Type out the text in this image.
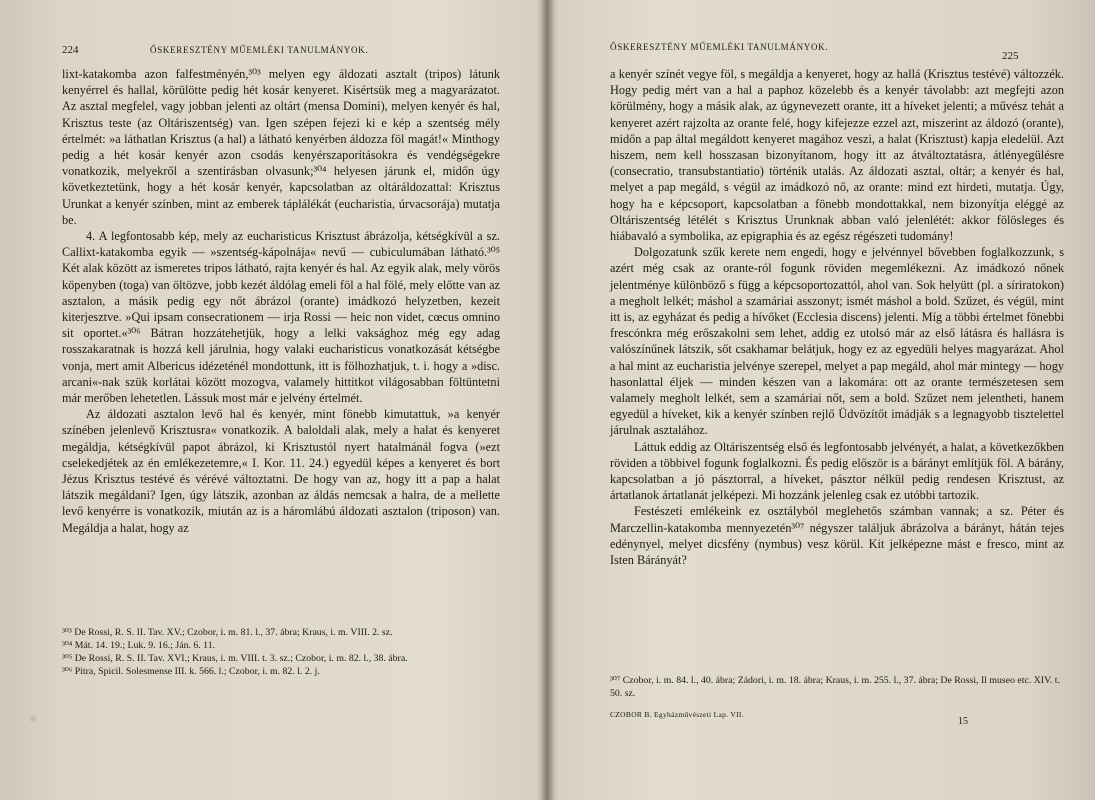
224	ŐSKERESZTÉNY MŰEMLÉKI TANULMÁNYOK.

lixt-katakomba azon falfestményén,³⁰³ melyen egy áldozati asztalt (tripos) látunk kenyérrel és hallal, körülötte pedig hét kosár kenyeret. Kisértsük meg a magyarázatot. Az asztal megfelel, vagy jobban jelenti az oltárt (mensa Domini), melyen kenyér és hal, Krisztus teste (az Oltáriszentség) van. Igen szépen fejezi ki e kép a szentség mély értelmét: »a láthatlan Krisztus (a hal) a látható kenyérben áldozza föl magát!« Minthogy pedig a hét kosár kenyér azon csodás kenyérszaporításokra és vendégségekre vonatkozik, melyekről a szentirásban olvasunk;³⁰⁴ helyesen járunk el, midőn úgy következtetünk, hogy a hét kosár kenyér, kapcsolatban az oltáráldozattal: Krisztus Urunkat a kenyér színben, mint az emberek táplálékát (eucharistia, úrvacsorája) mutatja be.

4. A legfontosabb kép, mely az eucharisticus Krisztust ábrázolja, kétségkívül a sz. Callixt-katakomba egyik — »szentség-kápolnája« nevű — cubiculumában látható.³⁰⁵ Két alak között az ismeretes tripos látható, rajta kenyér és hal. Az egyik alak, mely vörös köpenyben (toga) van öltözve, jobb kezét áldólag emeli föl a hal fölé, mely előtte van az asztalon, a másik pedig egy nőt ábrázol (orante) imádkozó helyzetben, kezeit kiterjesztve. »Qui ipsam consecrationem — irja Rossi — heic non videt, cœcus omnino sit oportet.«³⁰⁶ Bátran hozzátehetjük, hogy a lelki vaksághoz még egy adag rosszakaratnak is hozzá kell járulnia, hogy valaki eucharisticus vonatkozását kétségbe vonja, mert amit Albericus idézeténél mondottunk, itt is fölhozhatjuk, t. i. hogy a »disc. arcani«-nak szük korlátai között mozogva, valamely hittitkot világosabban föltüntetni már merőben lehetetlen. Lássuk most már e jelvény értelmét.

Az áldozati asztalon levő hal és kenyér, mint fönebb kimutattuk, »a kenyér színében jelenlevő Krisztusra« vonatkozik. A baloldali alak, mely a halat és kenyeret megáldja, kétségkívül papot ábrázol, ki Krisztustól nyert hatalmánál fogva (»ezt cselekedjétek az én emlékezetemre,« I. Kor. 11. 24.) egyedül képes a kenyeret és bort Jézus Krisztus testévé és vérévé változtatni. De hogy van az, hogy itt a pap a halat látszik megáldani? Igen, úgy látszik, azonban az áldás nemcsak a halra, de a mellette levő kenyérre is vonatkozik, miután az is a háromlábú áldozati asztalon (triposon) van. Megáldja a halat, hogy az

³⁰³ De Rossi, R. S. II. Tav. XV.; Czobor, i. m. 81. l., 37. ábra; Kraus, i. m. VIII. 2. sz.
³⁰⁴ Mát. 14. 19.; Luk. 9. 16.; Ján. 6. 11.
³⁰⁵ De Rossi, R. S. II. Tav. XVI.; Kraus, i. m. VIII. t. 3. sz.; Czobor, i. m. 82. l., 38. ábra.
³⁰⁶ Pitra, Spicil. Solesmense III. k. 566. l.; Czobor, i. m. 82. l. 2. j.
ŐSKERESZTÉNY MŰEMLÉKI TANULMÁNYOK.
225

a kenyér színét vegye föl, s megáldja a kenyeret, hogy az hallá (Krisztus testévé) változzék. Hogy pedig mért van a hal a paphoz közelebb és a kenyér távolabb: azt megfejti azon körülmény, hogy a másik alak, az úgynevezett orante, itt a híveket jelenti; a művész tehát a kenyeret azért rajzolta az orante felé, hogy kifejezze ezzel azt, miszerint az áldozó (orante), midőn a pap által megáldott kenyeret magához veszi, a halat (Krisztust) kapja eledelül. Azt hiszem, nem kell hosszasan bizonyítanom, hogy itt az átváltoztatásra, átlényegülésre (consecratio, transubstantiatio) történik utalás. Az áldozati asztal, oltár; a kenyér és hal, melyet a pap megáld, s végül az imádkozó nő, az orante: mind ezt hirdeti, mutatja. Úgy, hogy ha e képcsoport, kapcsolatban a fönebb mondottakkal, nem bizonyítja eléggé az Oltáriszentség létélét s Krisztus Urunknak abban való jelenlétét: akkor fölösleges és hiábavaló a symbolika, az epigraphia és az egész régészeti tudomány!

Dolgozatunk szűk kerete nem engedi, hogy e jelvénnyel bővebben foglalkozzunk, s azért még csak az orante-ról fogunk röviden megemlékezni. Az imádkozó nőnek jelentménye különböző s függ a képcsoportozattól, ahol van. Sok helyütt (pl. a síriratokon) a megholt lelkét; máshol a szamáriai asszonyt; ismét máshol a bold. Szűzet, és végül, mint itt is, az egyházat és pedig a hívőket (Ecclesia discens) jelenti. Míg a többi értelmet fönebbi frescónkra még erőszakolni sem lehet, addig ez utolsó már az első látásra és hallásra is valószínűnek látszik, sőt csakhamar belátjuk, hogy ez az egyedüli helyes magyarázat. Ahol a hal mint az eucharistia jelvénye szerepel, melyet a pap megáld, ahol már mintegy — hogy hasonlattal éljek — minden készen van a lakomára: ott az orante természetesen sem valamely megholt lelkét, sem a szamáriai nőt, sem a bold. Szűzet nem jelentheti, hanem egyedül a híveket, kik a kenyér színben rejlő Üdvözítőt imádják s a legnagyobb tisztelettel járulnak asztalához.

Láttuk eddig az Oltáriszentség első és legfontosabb jelvényét, a halat, a következőkben röviden a többivel fogunk foglalkozni. És pedig először is a bárányt említjük föl. A bárány, kapcsolatban a jó pásztorral, a híveket, pásztor nélkül pedig rendesen Krisztust, az ártatlanok ártatlanát jelképezi. Mi hozzánk jelenleg csak ez utóbbi tartozik.

Festészeti emlékeink ez osztályból meglehetős számban vannak; a sz. Péter és Marczellin-katakomba mennyezetén³⁰⁷ négyszer találjuk ábrázolva a bárányt, hátán tejes edénynyel, melyet dicsfény (nymbus) vesz körül. Kit jelképezne mást e fresco, mint az Isten Bárányát?

³⁰⁷ Czobor, i. m. 84. l., 40. ábra; Zádori, i. m. 18. ábra; Kraus, i. m. 255. l., 37. ábra; De Rossi, Il museo etc. XIV. t. 50. sz.
CZOBOR B. Egyházművészeti Lap. VII.
15
